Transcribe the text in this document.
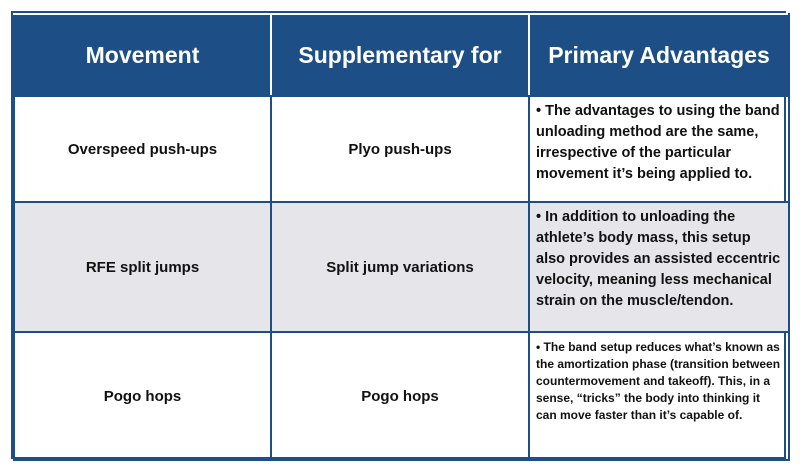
Movement	Supplementary for	Primary Advantages
Overspeed push-ups	Plyo push-ups	• The advantages to using the band unloading method are the same, irrespective of the particular movement it’s being applied to.
RFE split jumps	Split jump variations	• In addition to unloading the athlete’s body mass, this setup also provides an assisted eccentric velocity, meaning less mechanical strain on the muscle/tendon.
Pogo hops	Pogo hops	• The band setup reduces what’s known as the amortization phase (transition between countermovement and takeoff). This, in a sense, “tricks” the body into thinking it can move faster than it’s capable of.
